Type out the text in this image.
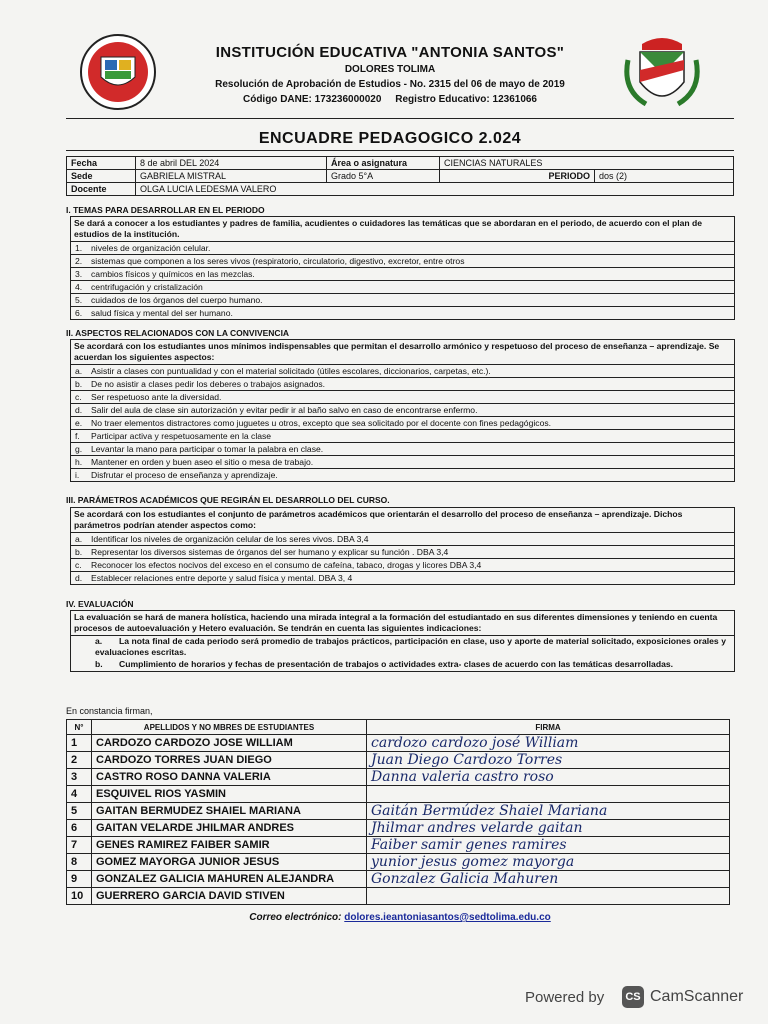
INSTITUCIÓN EDUCATIVA "ANTONIA SANTOS"
DOLORES TOLIMA
Resolución de Aprobación de Estudios - No. 2315 del 06 de mayo de 2019
Código DANE: 173236000020     Registro Educativo: 12361066
ENCUADRE PEDAGOGICO 2.024
Fecha	8 de abril DEL 2024	Área o asignatura	CIENCIAS NATURALES	
Sede	GABRIELA MISTRAL	Grado 5°A	PERIODO	dos (2)
Docente	OLGA LUCIA LEDESMA VALERO			
I. TEMAS PARA DESARROLLAR EN EL PERIODO
Se dará a conocer a los estudiantes y padres de familia, acudientes o cuidadores las temáticas que se abordaran en el periodo, de acuerdo con el plan de estudios de la institución.
1. niveles de organización celular.
2. sistemas que componen a los seres vivos (respiratorio, circulatorio, digestivo, excretor, entre otros
3. cambios físicos y químicos en las mezclas.
4. centrifugación y cristalización
5. cuidados de los órganos del cuerpo humano.
6. salud física y mental del ser humano.
II. ASPECTOS RELACIONADOS CON LA CONVIVENCIA
Se acordará con los estudiantes unos mínimos indispensables que permitan el desarrollo armónico y respetuoso del proceso de enseñanza – aprendizaje. Se acuerdan los siguientes aspectos:
a. Asistir a clases con puntualidad y con el material solicitado (útiles escolares, diccionarios, carpetas, etc.).
b. De no asistir a clases pedir los deberes o trabajos asignados.
c. Ser respetuoso ante la diversidad.
d. Salir del aula de clase sin autorización y evitar pedir ir al baño salvo en caso de encontrarse enfermo.
e. No traer elementos distractores como juguetes u otros, excepto que sea solicitado por el docente con fines pedagógicos.
f. Participar activa y respetuosamente en la clase
g. Levantar la mano para participar o tomar la palabra en clase.
h. Mantener en orden y buen aseo el sitio o mesa de trabajo.
i. Disfrutar el proceso de enseñanza y aprendizaje.
III. PARÁMETROS ACADÉMICOS QUE REGIRÁN EL DESARROLLO DEL CURSO.
Se acordará con los estudiantes el conjunto de parámetros académicos que orientarán el desarrollo del proceso de enseñanza – aprendizaje. Dichos parámetros podrían atender aspectos como:
a. Identificar los niveles de organización celular de los seres vivos. DBA 3,4
b. Representar los diversos sistemas de órganos del ser humano y explicar su función . DBA 3,4
c. Reconocer los efectos nocivos del exceso en el consumo de cafeína, tabaco, drogas y licores DBA 3,4
d. Establecer relaciones entre deporte y salud física y mental. DBA 3, 4
IV. EVALUACIÓN
La evaluación se hará de manera holística, haciendo una mirada integral a la formación del estudiantado en sus diferentes dimensiones y teniendo en cuenta procesos de autoevaluación y Hetero evaluación. Se tendrán en cuenta las siguientes indicaciones:
a. La nota final de cada periodo será promedio de trabajos prácticos, participación en clase, uso y aporte de material solicitado, exposiciones orales y evaluaciones escritas.
b. Cumplimiento de horarios y fechas de presentación de trabajos o actividades extra- clases de acuerdo con las temáticas desarrolladas.
En constancia firman,
N°	APELLIDOS Y NO MBRES DE ESTUDIANTES	FIRMA
1	CARDOZO CARDOZO JOSE WILLIAM	cardozo cardozo josé William
2	CARDOZO TORRES JUAN DIEGO	Juan Diego Cardozo Torres
3	CASTRO ROSO DANNA VALERIA	Danna valeria castro roso
4	ESQUIVEL RIOS YASMIN	
5	GAITAN BERMUDEZ SHAIEL MARIANA	Gaitán Bermúdez Shaiel Mariana
6	GAITAN VELARDE JHILMAR ANDRES	Jhilmar andres velarde gaitan
7	GENES RAMIREZ FAIBER SAMIR	Faiber samir genes ramires
8	GOMEZ MAYORGA JUNIOR JESUS	yunior jesus gomez mayorga
9	GONZALEZ GALICIA MAHUREN ALEJANDRA	Gonzalez Galicia Mahuren
10	GUERRERO GARCIA DAVID STIVEN	
Correo electrónico: dolores.ieantoniasantos@sedtolima.edu.co
Powered by	CS CamScanner
